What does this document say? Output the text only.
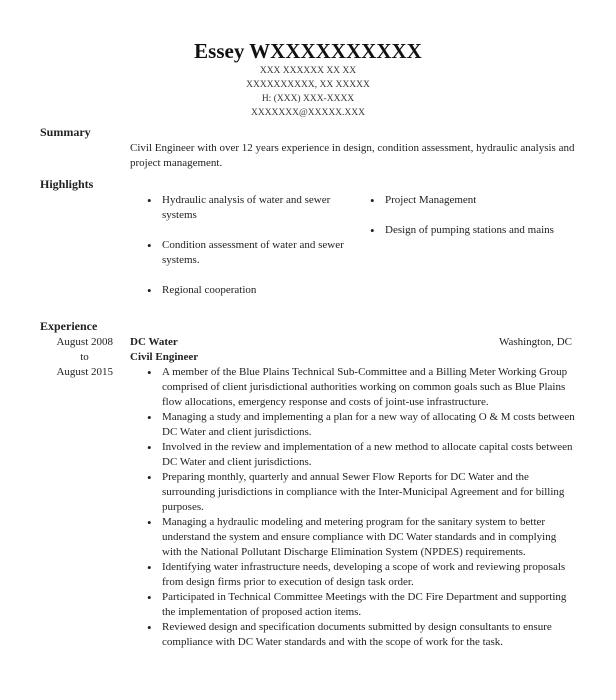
Essey WXXXXXXXXXX
XXX XXXXXX XX XX
XXXXXXXXXX, XX XXXXX
H: (XXX) XXX-XXXX
XXXXXXX@XXXXX.XXX
Summary
Civil Engineer with over 12 years experience in design, condition assessment, hydraulic analysis and project management.
Highlights
• Hydraulic analysis of water and sewer systems
• Condition assessment of water and sewer systems.
• Regional cooperation
• Project Management
• Design of pumping stations and mains
Experience
August 2008
to
August 2015
DC Water	Washington, DC
Civil Engineer
• A member of the Blue Plains Technical Sub-Committee and a Billing Meter Working Group comprised of client jurisdictional authorities working on common goals such as Blue Plains flow allocations, emergency response and costs of joint-use infrastructure.
• Managing a study and implementing a plan for a new way of allocating O & M costs between DC Water and client jurisdictions.
• Involved in the review and implementation of a new method to allocate capital costs between DC Water and client jurisdictions.
• Preparing monthly, quarterly and annual Sewer Flow Reports for DC Water and the surrounding jurisdictions in compliance with the Inter-Municipal Agreement and for billing purposes.
• Managing a hydraulic modeling and metering program for the sanitary system to better understand the system and ensure compliance with DC Water standards and in complying with the National Pollutant Discharge Elimination System (NPDES) requirements.
• Identifying water infrastructure needs, developing a scope of work and reviewing proposals from design firms prior to execution of design task order.
• Participated in Technical Committee Meetings with the DC Fire Department and supporting the implementation of proposed action items.
• Reviewed design and specification documents submitted by design consultants to ensure compliance with DC Water standards and with the scope of work for the task.
